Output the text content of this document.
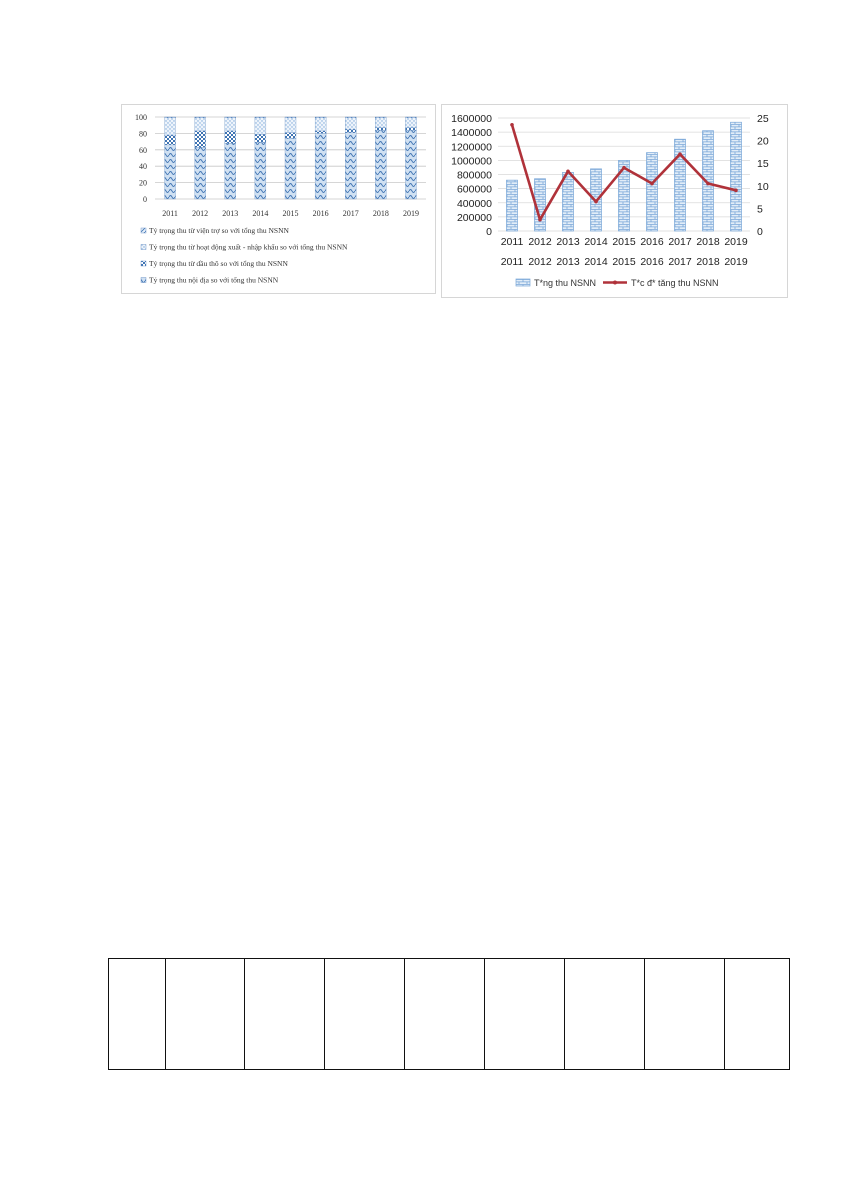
0
20
40
60
80
100
2011 2012 2013 2014 2015 2016 2017 2018 2019
Tỷ trọng thu từ viện trợ so với tổng thu NSNN
Tỷ trọng thu từ hoạt động xuất - nhập khẩu so với tổng thu NSNN
Tỷ trọng thu từ dầu thô so với tổng thu NSNN
Tỷ trọng thu nội địa so với tổng thu NSNN
0
200000
400000
600000
800000
1000000
1200000
1400000
1600000
0
5
10
15
20
25
2011
2011
2012
2012
2013
2013
2014
2014
2015
2015
2016
2016
2017
2017
2018
2018
2019
2019
T*ng thu NSNN	T*c đ* tăng thu NSNN
